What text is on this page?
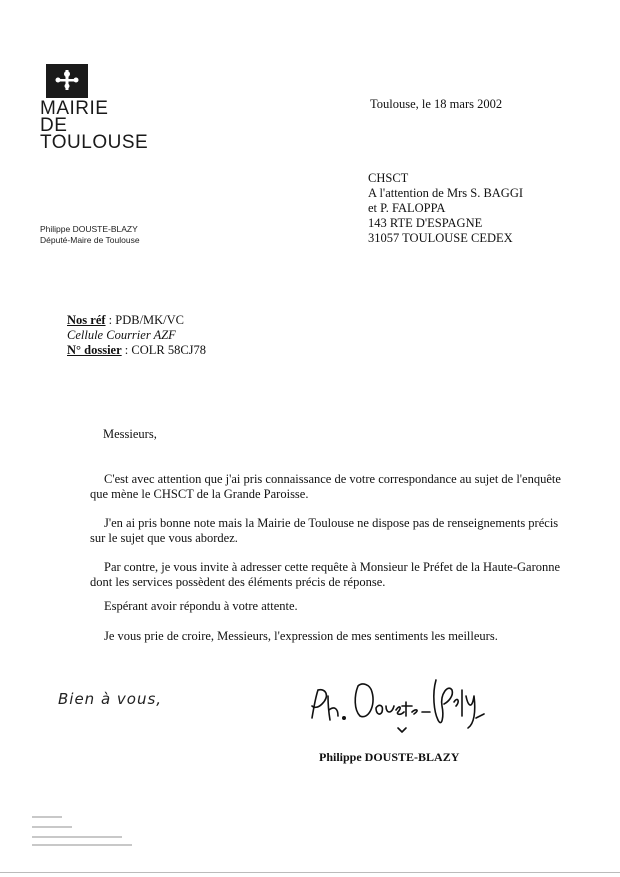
MAIRIE
DE
TOULOUSE
Philippe DOUSTE-BLAZY
Député-Maire de Toulouse
Toulouse, le 18 mars 2002
CHSCT
A l'attention de Mrs S. BAGGI
et P. FALOPPA
143 RTE D'ESPAGNE
31057 TOULOUSE CEDEX
Nos réf : PDB/MK/VC
Cellule Courrier AZF
N° dossier : COLR 58CJ78
Messieurs,
C'est avec attention que j'ai pris connaissance de votre correspondance au sujet de l'enquête que mène le CHSCT de la Grande Paroisse.
J'en ai pris bonne note mais la Mairie de Toulouse ne dispose pas de renseignements précis sur le sujet que vous abordez.
Par contre, je vous invite à adresser cette requête à Monsieur le Préfet de la Haute-Garonne dont les services possèdent des éléments précis de réponse.
Espérant avoir répondu à votre attente.
Je vous prie de croire, Messieurs, l'expression de mes sentiments les meilleurs.
Bien à vous,
Philippe DOUSTE-BLAZY
